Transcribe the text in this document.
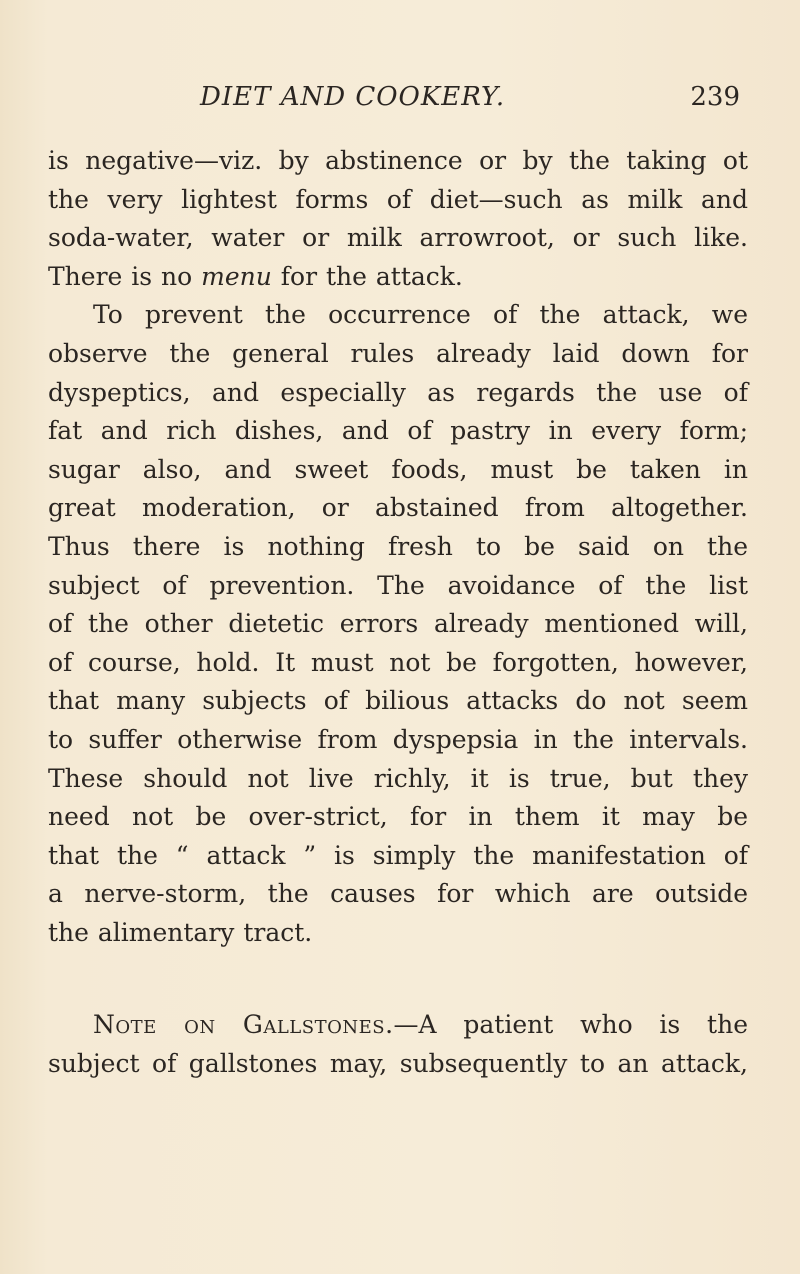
DIET AND COOKERY.	239
is negative—viz. by abstinence or by the taking ot
the very lightest forms of diet—such as milk and
soda-water, water or milk arrowroot, or such like.
There is no menu for the attack.
To prevent the occurrence of the attack, we
observe the general rules already laid down for
dyspeptics, and especially as regards the use of
fat and rich dishes, and of pastry in every form;
sugar also, and sweet foods, must be taken in
great moderation, or abstained from altogether.
Thus there is nothing fresh to be said on the
subject of prevention. The avoidance of the list
of the other dietetic errors already mentioned will,
of course, hold. It must not be forgotten, however,
that many subjects of bilious attacks do not seem
to suffer otherwise from dyspepsia in the intervals.
These should not live richly, it is true, but they
need not be over-strict, for in them it may be
that the “ attack ” is simply the manifestation of
a nerve-storm, the causes for which are outside
the alimentary tract.
Note on Gallstones.—A patient who is the
subject of gallstones may, subsequently to an attack,
